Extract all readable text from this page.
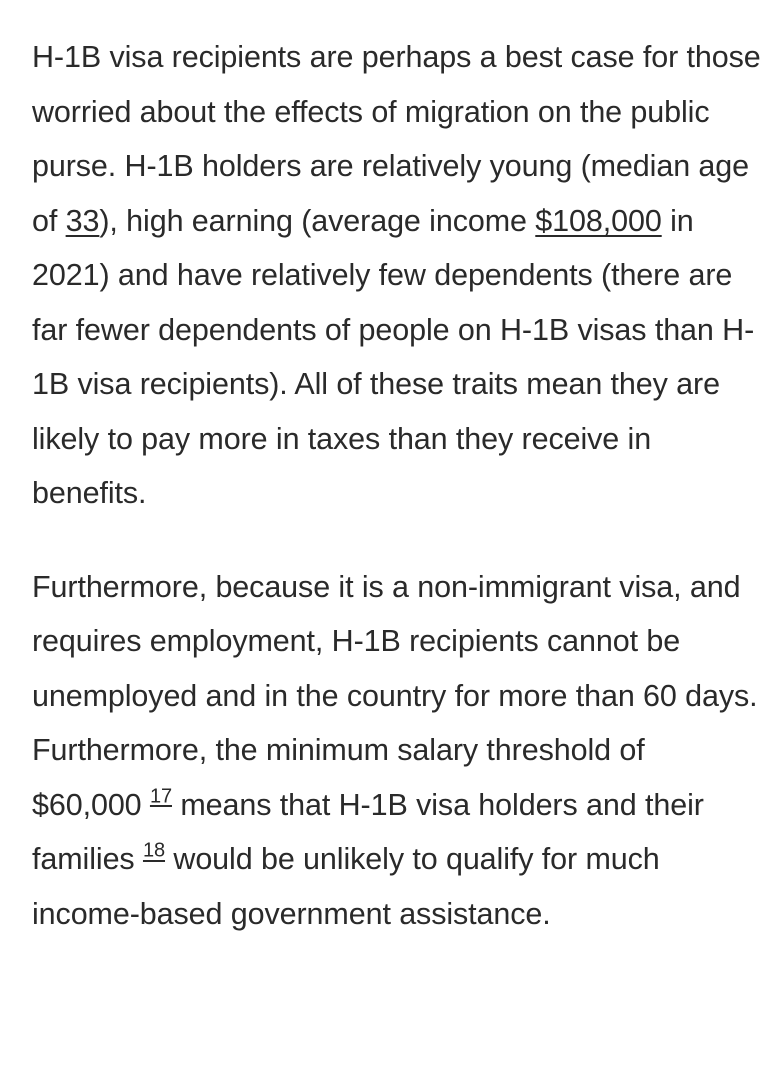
H-1B visa recipients are perhaps a best case for those worried about the effects of migration on the public purse. H-1B holders are relatively young (median age of 33), high earning (average income $108,000 in 2021) and have relatively few dependents (there are far fewer dependents of people on H-1B visas than H-1B visa recipients). All of these traits mean they are likely to pay more in taxes than they receive in benefits.

Furthermore, because it is a non-immigrant visa, and requires employment, H-1B recipients cannot be unemployed and in the country for more than 60 days. Furthermore, the minimum salary threshold of $60,000 $^{17}$ means that H-1B visa holders and their families $^{18}$ would be unlikely to qualify for much income-based government assistance.
